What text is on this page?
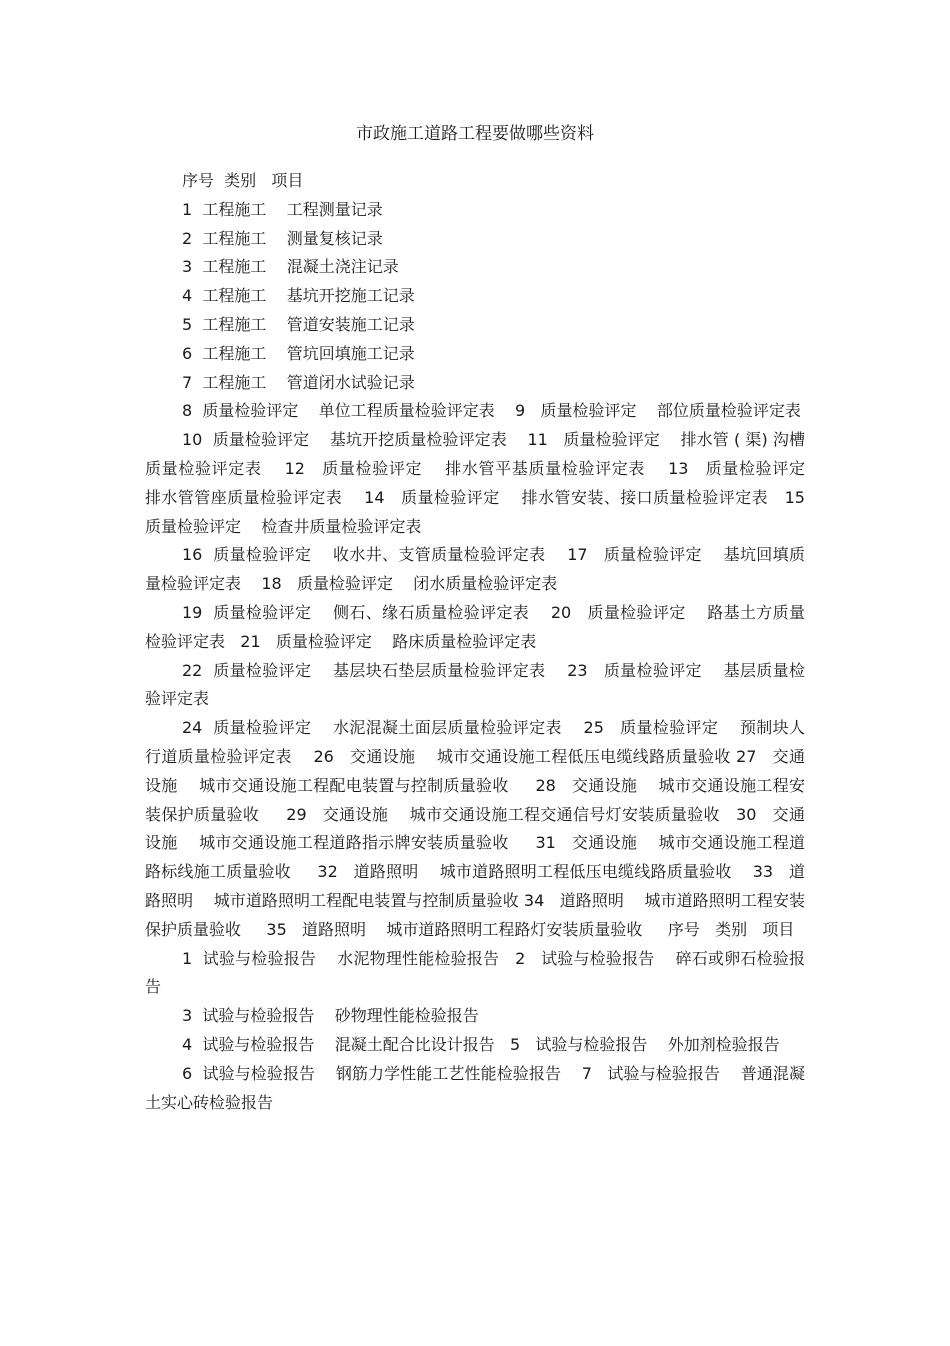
市政施工道路工程要做哪些资料

序号  类别   项目

1  工程施工    工程测量记录

2  工程施工    测量复核记录

3  工程施工    混凝土浇注记录

4  工程施工    基坑开挖施工记录

5  工程施工    管道安装施工记录

6  工程施工    管坑回填施工记录

7  工程施工    管道闭水试验记录

8  质量检验评定    单位工程质量检验评定表    9   质量检验评定    部位质量检验评定表

10  质量检验评定    基坑开挖质量检验评定表    11   质量检验评定    排水管 ( 渠) 沟槽质量检验评定表    12   质量检验评定    排水管平基质量检验评定表    13   质量检验评定    排水管管座质量检验评定表    14   质量检验评定    排水管安装、接口质量检验评定表   15   质量检验评定    检查井质量检验评定表

16  质量检验评定    收水井、支管质量检验评定表    17   质量检验评定    基坑回填质量检验评定表    18   质量检验评定    闭水质量检验评定表

19  质量检验评定    侧石、缘石质量检验评定表    20   质量检验评定    路基土方质量检验评定表   21   质量检验评定    路床质量检验评定表

22  质量检验评定    基层块石垫层质量检验评定表    23   质量检验评定    基层质量检验评定表

24  质量检验评定    水泥混凝土面层质量检验评定表    25   质量检验评定    预制块人行道质量检验评定表    26   交通设施    城市交通设施工程低压电缆线路质量验收 27   交通设施    城市交通设施工程配电装置与控制质量验收     28   交通设施    城市交通设施工程安装保护质量验收     29   交通设施    城市交通设施工程交通信号灯安装质量验收   30   交通设施    城市交通设施工程道路指示牌安装质量验收     31   交通设施    城市交通设施工程道路标线施工质量验收     32   道路照明    城市道路照明工程低压电缆线路质量验收    33   道路照明    城市道路照明工程配电装置与控制质量验收 34   道路照明    城市道路照明工程安装保护质量验收     35   道路照明    城市道路照明工程路灯安装质量验收     序号   类别   项目

1  试验与检验报告    水泥物理性能检验报告   2   试验与检验报告    碎石或卵石检验报告

3  试验与检验报告    砂物理性能检验报告

4  试验与检验报告    混凝土配合比设计报告   5   试验与检验报告    外加剂检验报告

6  试验与检验报告    钢筋力学性能工艺性能检验报告    7   试验与检验报告    普通混凝土实心砖检验报告
